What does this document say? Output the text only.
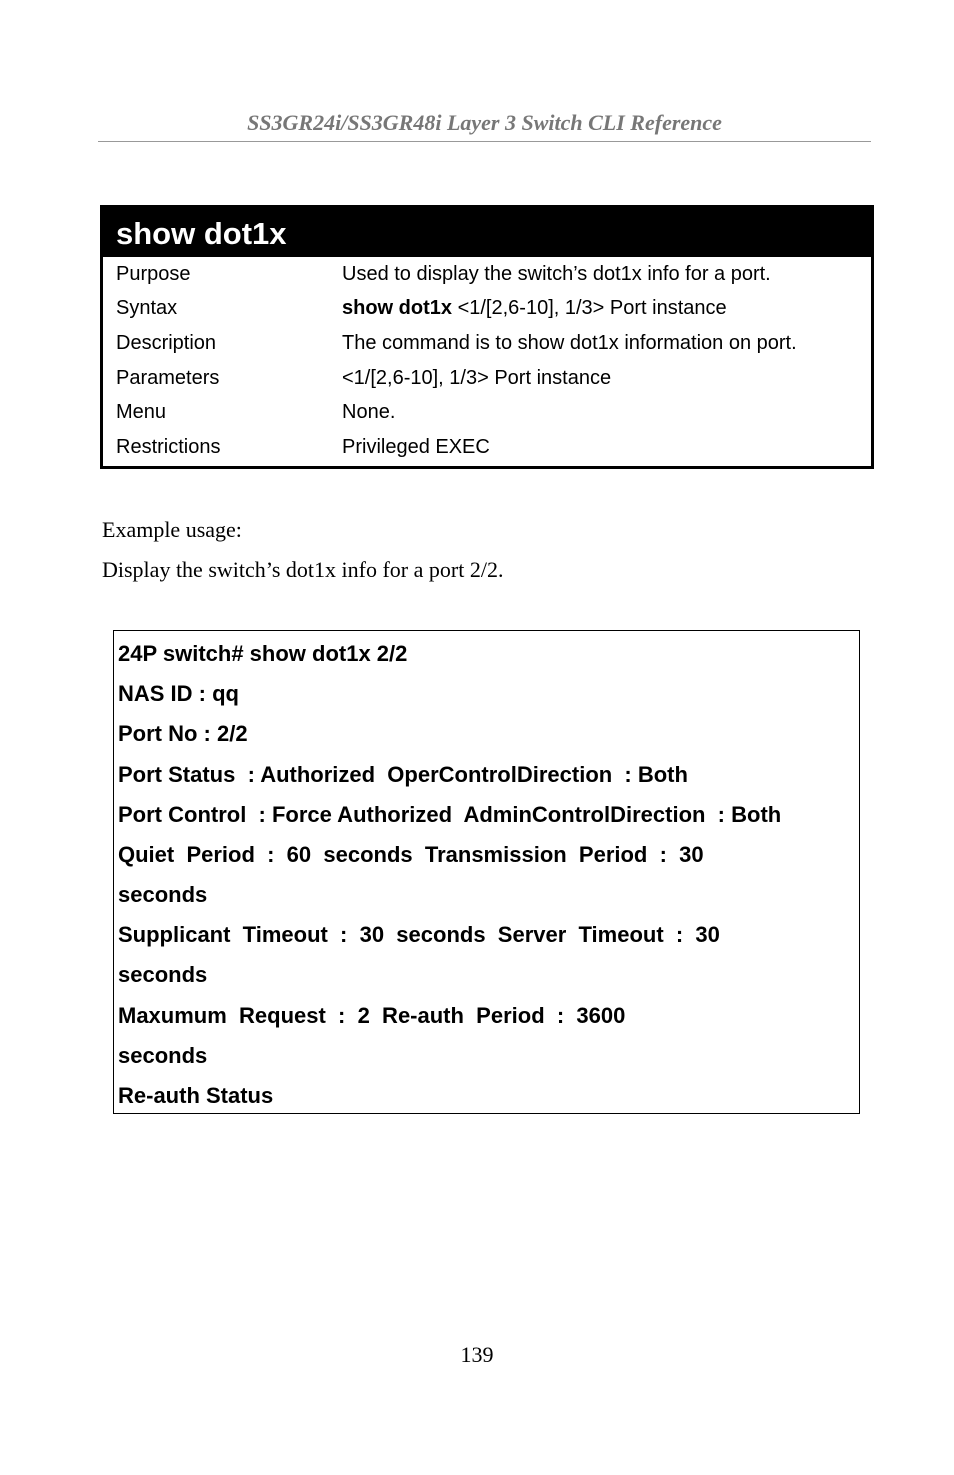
SS3GR24i/SS3GR48i Layer 3 Switch CLI Reference
show dot1x
Purpose	Used to display the switch’s dot1x info for a port.
Syntax	show dot1x <1/[2,6-10], 1/3> Port instance
Description	The command is to show dot1x information on port.
Parameters	<1/[2,6-10], 1/3> Port instance
Menu	None.
Restrictions	Privileged EXEC
Example usage:
Display the switch’s dot1x info for a port 2/2.
24P switch# show dot1x 2/2
NAS ID : qq
Port No : 2/2
Port Status  : Authorized  OperControlDirection  : Both
Port Control  : Force Authorized  AdminControlDirection  : Both
Quiet  Period  :  60  seconds  Transmission  Period  :  30
seconds
Supplicant  Timeout  :  30  seconds  Server  Timeout  :  30
seconds
Maxumum  Request  :  2  Re-auth  Period  :  3600
seconds
Re-auth Status
139
